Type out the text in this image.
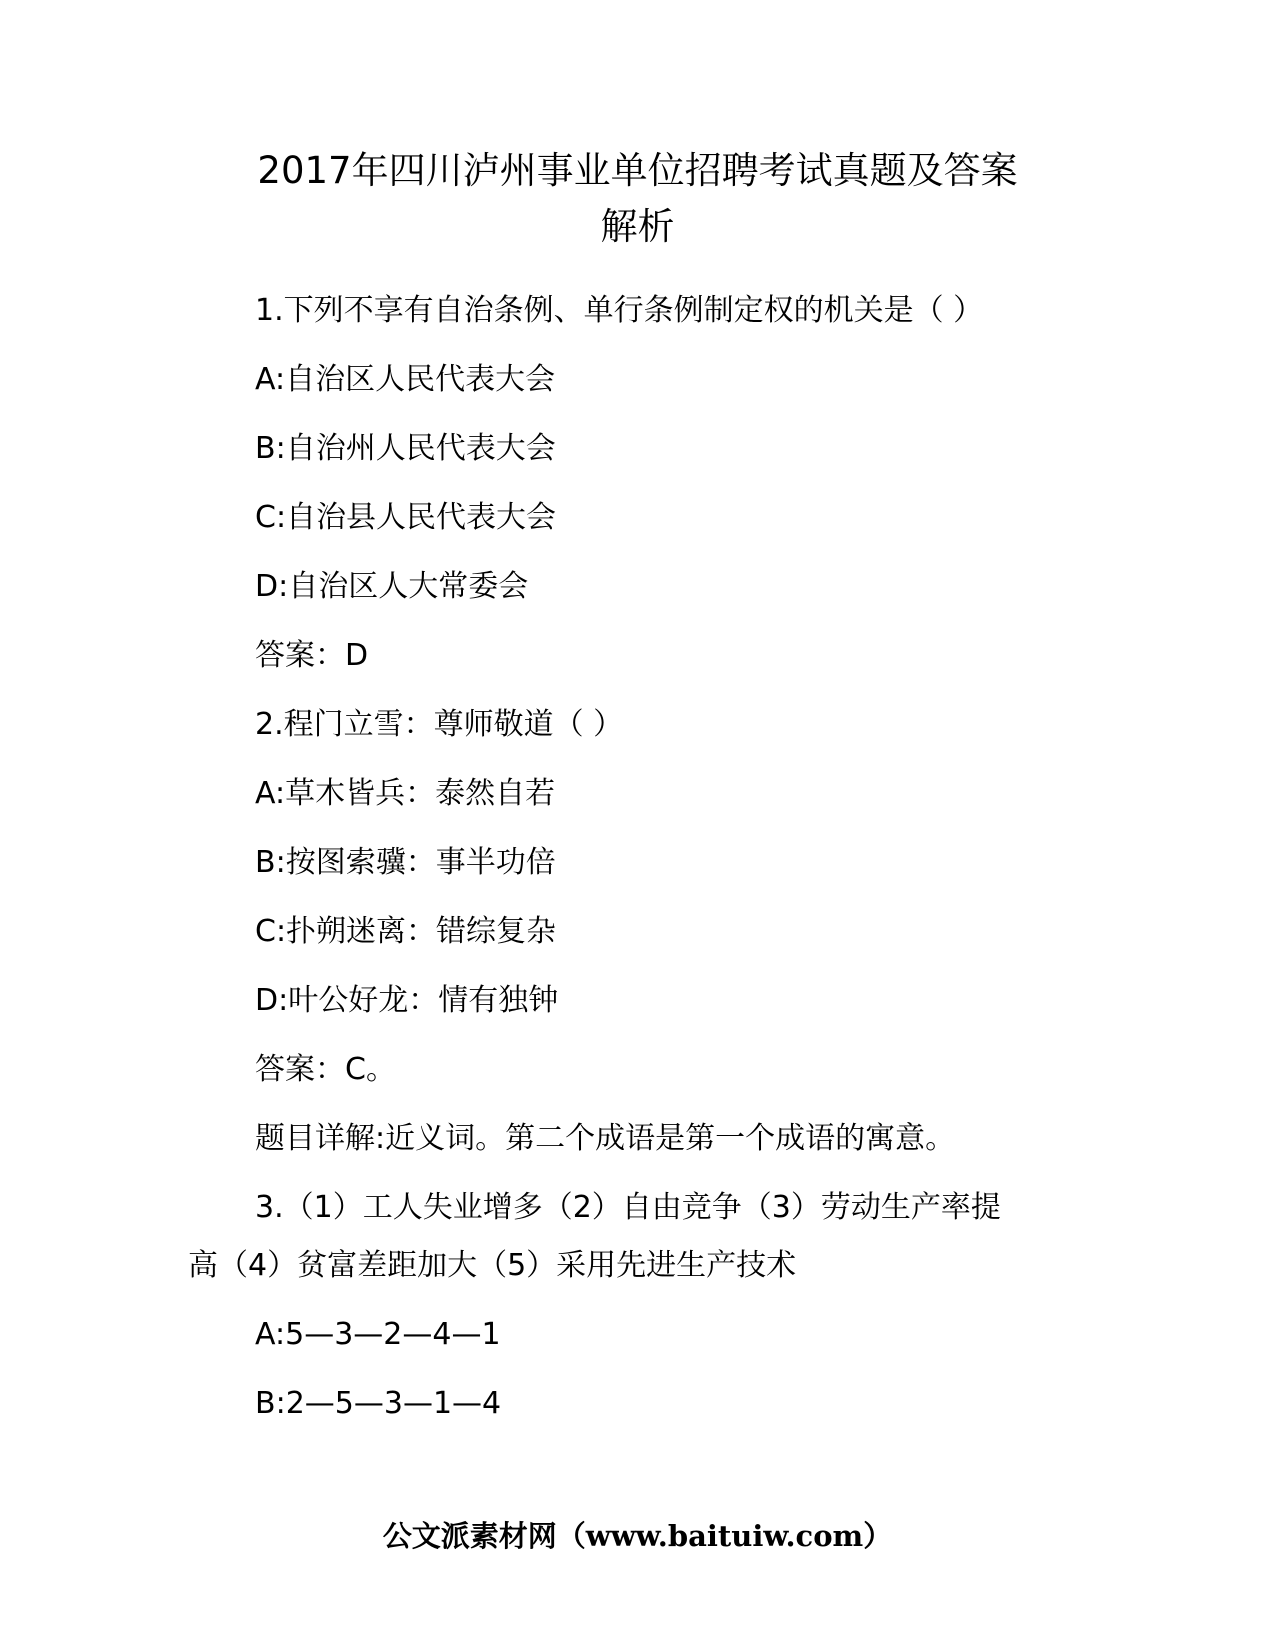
2017年四川泸州事业单位招聘考试真题及答案
解析

1.下列不享有自治条例、单行条例制定权的机关是（ ）

A:自治区人民代表大会

B:自治州人民代表大会

C:自治县人民代表大会

D:自治区人大常委会

答案：D

2.程门立雪：尊师敬道（ ）

A:草木皆兵：泰然自若

B:按图索骥：事半功倍

C:扑朔迷离：错综复杂

D:叶公好龙：情有独钟

答案：C。

题目详解:近义词。第二个成语是第一个成语的寓意。

3.（1）工人失业增多（2）自由竞争（3）劳动生产率提

高（4）贫富差距加大（5）采用先进生产技术

A:5—3—2—4—1

B:2—5—3—1—4

公文派素材网（www.baituiw.com）
